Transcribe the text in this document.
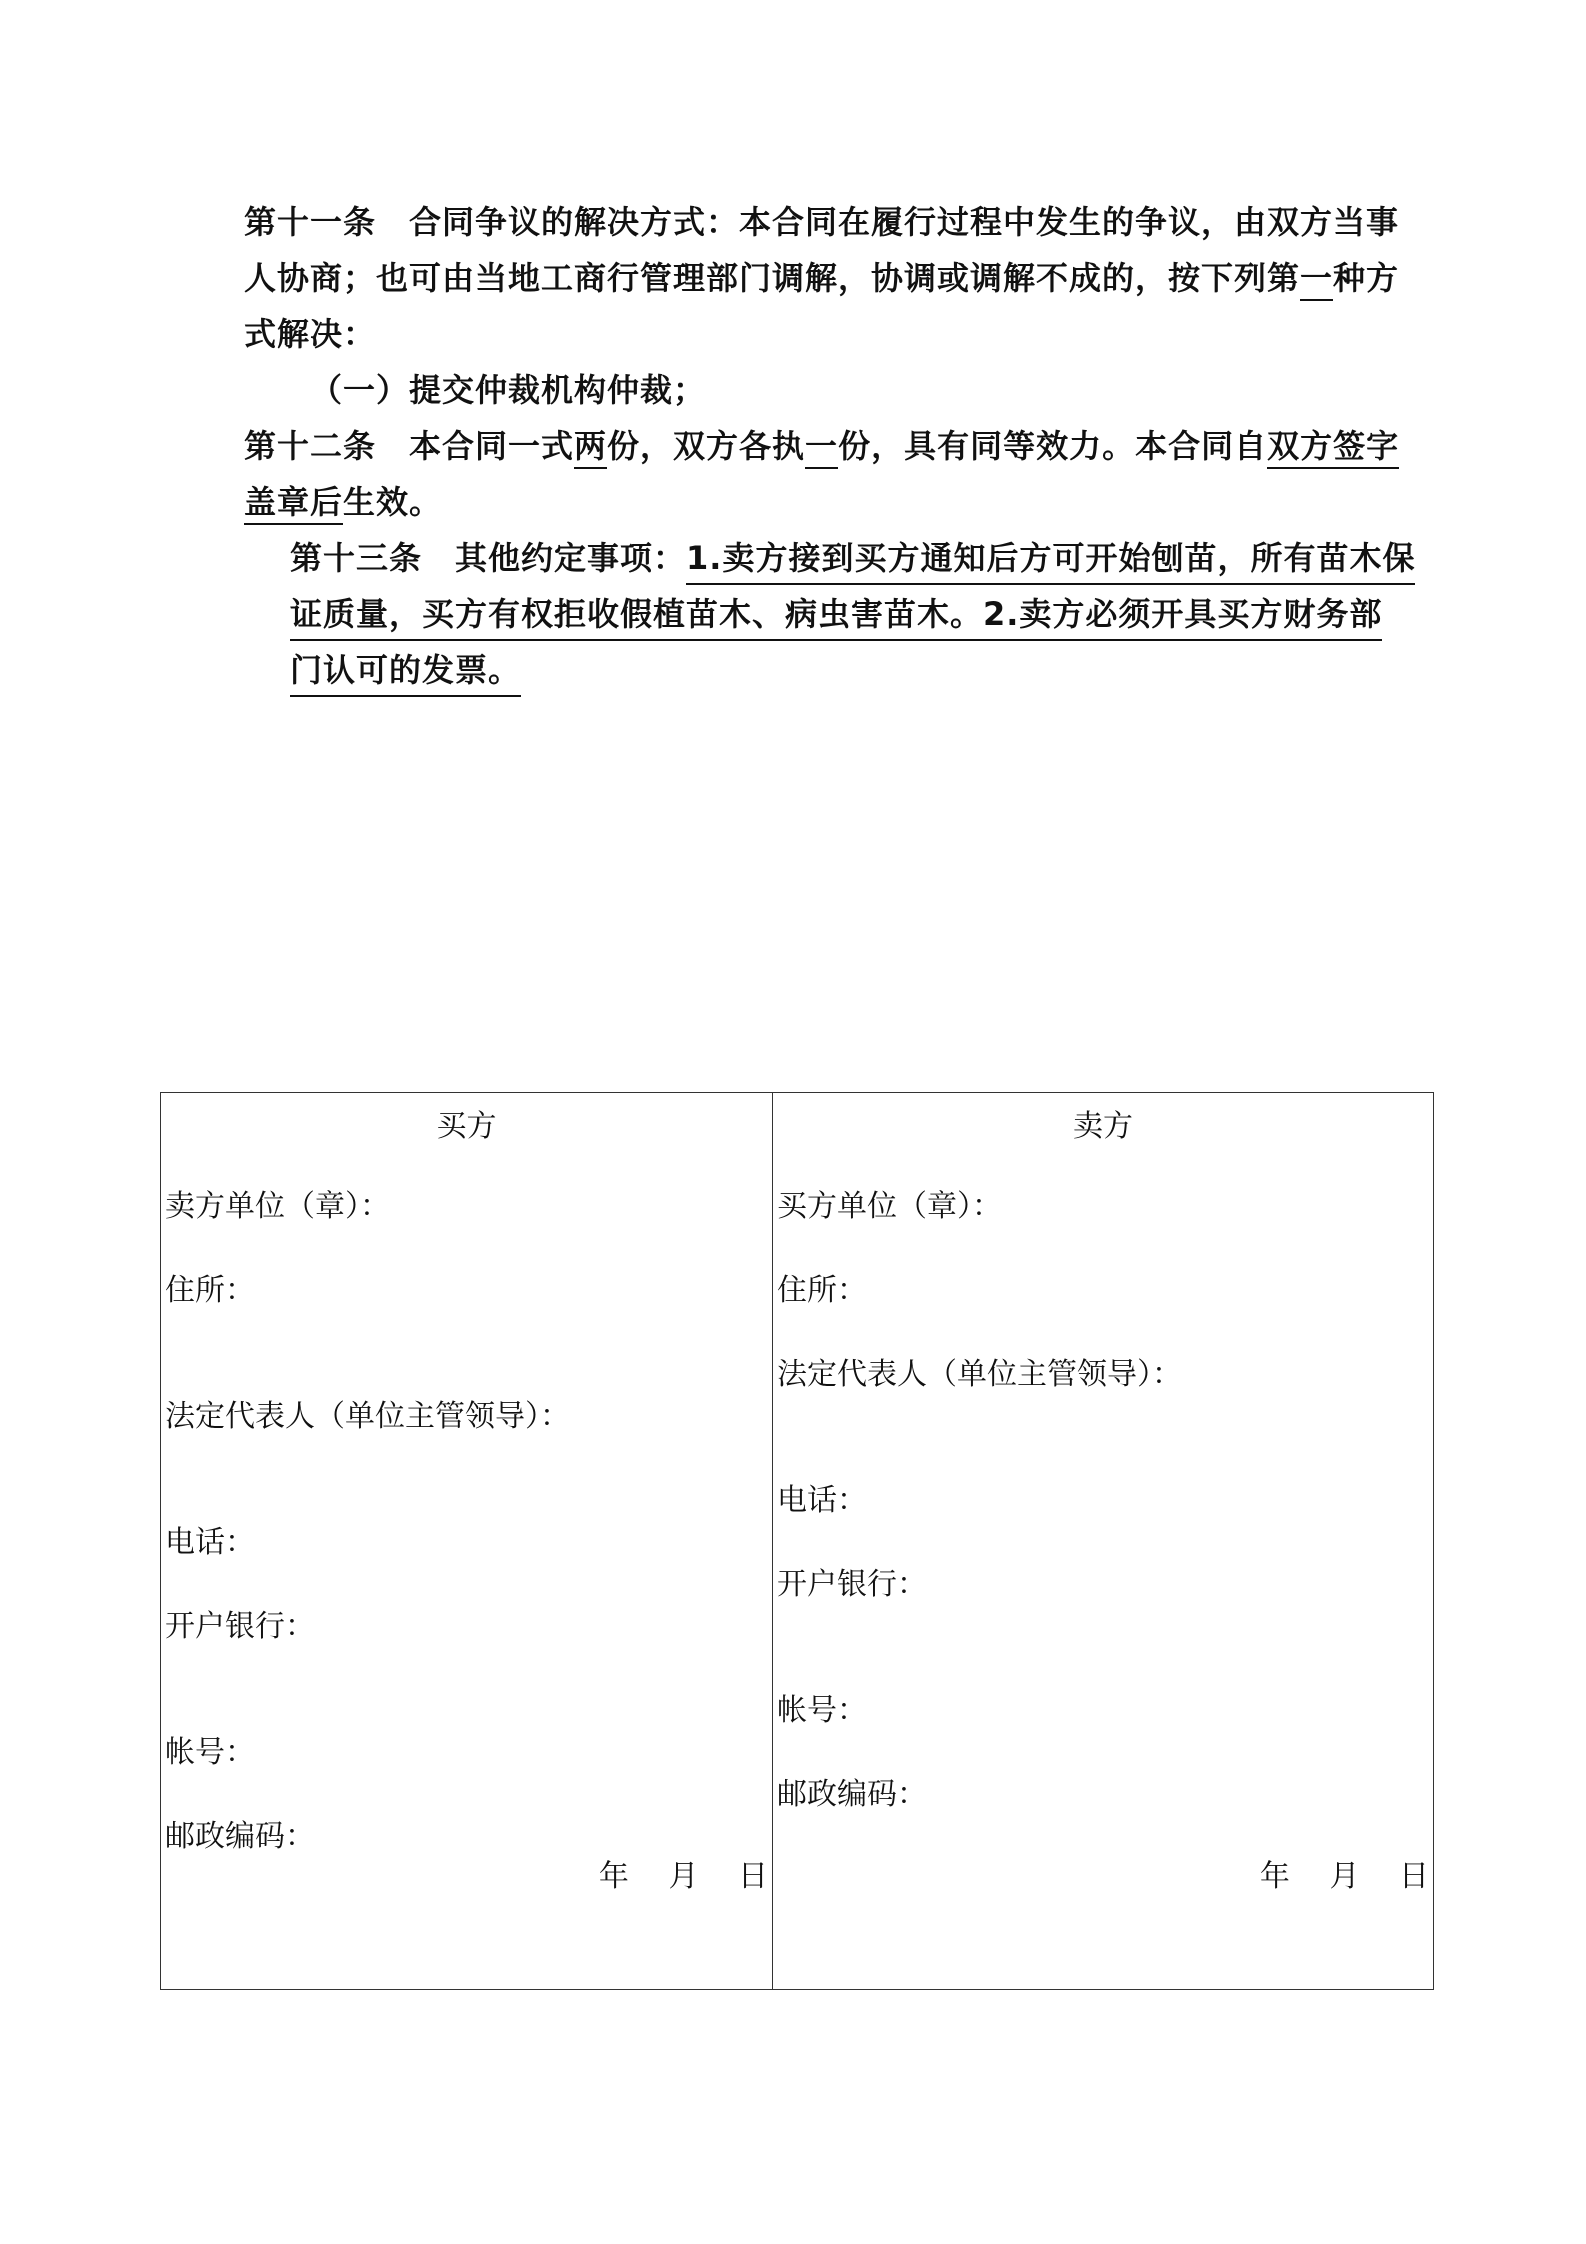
第十一条　合同争议的解决方式：本合同在履行过程中发生的争议，由双方当事
人协商；也可由当地工商行管理部门调解，协调或调解不成的，按下列第一种方
式解决：
（一）提交仲裁机构仲裁；
第十二条　本合同一式两份，双方各执一份，具有同等效力。本合同自双方签字
盖章后生效。
第十三条　其他约定事项：1.卖方接到买方通知后方可开始刨苗，所有苗木保
证质量，买方有权拒收假植苗木、病虫害苗木。2.卖方必须开具买方财务部
门认可的发票。 
买方
卖方单位（章）：
住所：
法定代表人（单位主管领导）：
电话：
开户银行：
帐号：
邮政编码：
年 月 日
卖方
买方单位（章）：
住所：
法定代表人（单位主管领导）：
电话：
开户银行：
帐号：
邮政编码：
年 月 日
